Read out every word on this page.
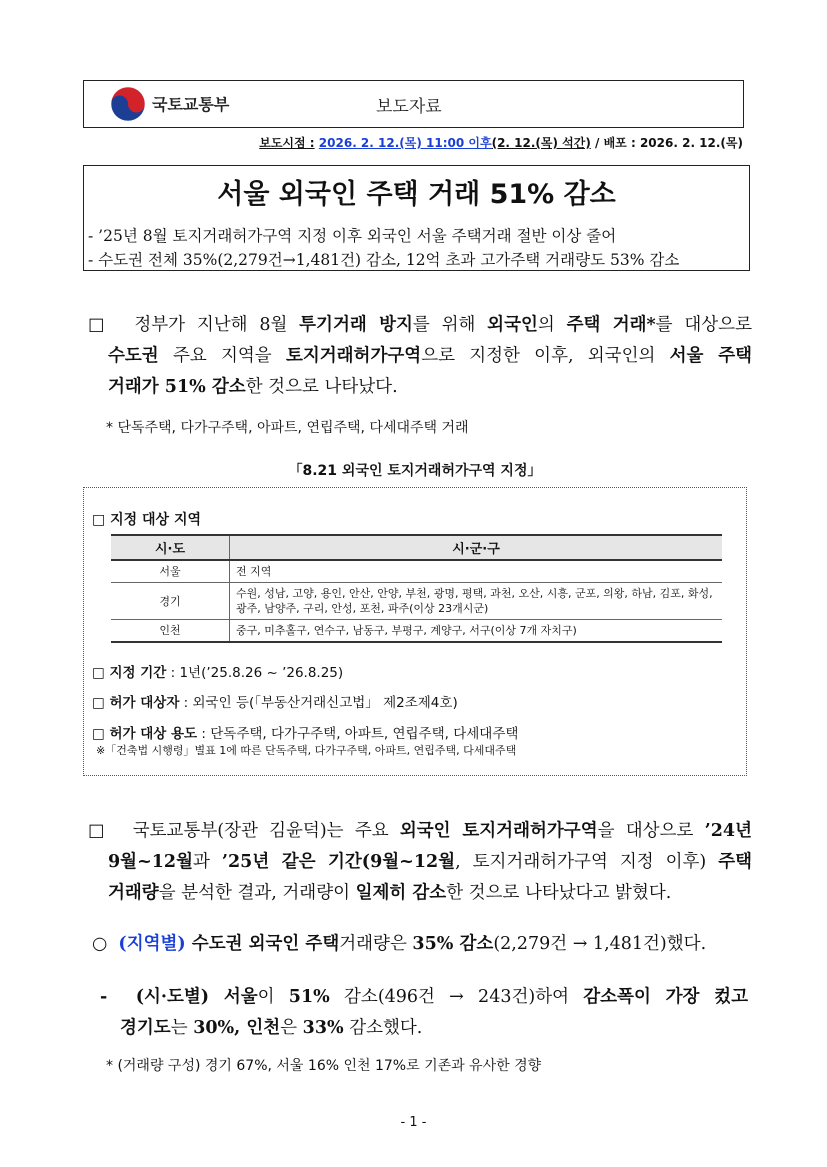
국토교통부	보도자료
보도시점 : 2026. 2. 12.(목) 11:00 이후(2. 12.(목) 석간) / 배포 : 2026. 2. 12.(목)
서울 외국인 주택 거래 51% 감소
- ’25년 8월 토지거래허가구역 지정 이후 외국인 서울 주택거래 절반 이상 줄어
- 수도권 전체 35%(2,279건→1,481건) 감소, 12억 초과 고가주택 거래량도 53% 감소
□ 정부가 지난해 8월 투기거래 방지를 위해 외국인의 주택 거래*를 대상으로
수도권 주요 지역을 토지거래허가구역으로 지정한 이후, 외국인의 서울 주택
거래가 51% 감소한 것으로 나타났다.
* 단독주택, 다가구주택, 아파트, 연립주택, 다세대주택 거래
「8.21 외국인 토지거래허가구역 지정」
□ 지정 대상 지역
시·도	시·군·구
서울	전 지역
경기	수원, 성남, 고양, 용인, 안산, 안양, 부천, 광명, 평택, 과천, 오산, 시흥, 군포, 의왕, 하남, 김포, 화성, 광주, 남양주, 구리, 안성, 포천, 파주(이상 23개시군)
인천	중구, 미추홀구, 연수구, 남동구, 부평구, 계양구, 서구(이상 7개 자치구)
□ 지정 기간 : 1년(’25.8.26 ~ ’26.8.25)
□ 허가 대상자 : 외국인 등(「부동산거래신고법」 제2조제4호)
□ 허가 대상 용도 : 단독주택, 다가구주택, 아파트, 연립주택, 다세대주택
※「건축법 시행령」별표 1에 따른 단독주택, 다가구주택, 아파트, 연립주택, 다세대주택
□ 국토교통부(장관 김윤덕)는 주요 외국인 토지거래허가구역을 대상으로 ’24년
9월~12월과 ’25년 같은 기간(9월~12월, 토지거래허가구역 지정 이후) 주택
거래량을 분석한 결과, 거래량이 일제히 감소한 것으로 나타났다고 밝혔다.
○ (지역별) 수도권 외국인 주택거래량은 35% 감소(2,279건 → 1,481건)했다.
- (시·도별) 서울이 51% 감소(496건 → 243건)하여 감소폭이 가장 컸고
경기도는 30%, 인천은 33% 감소했다.
* (거래량 구성) 경기 67%, 서울 16% 인천 17%로 기존과 유사한 경향
- 1 -
